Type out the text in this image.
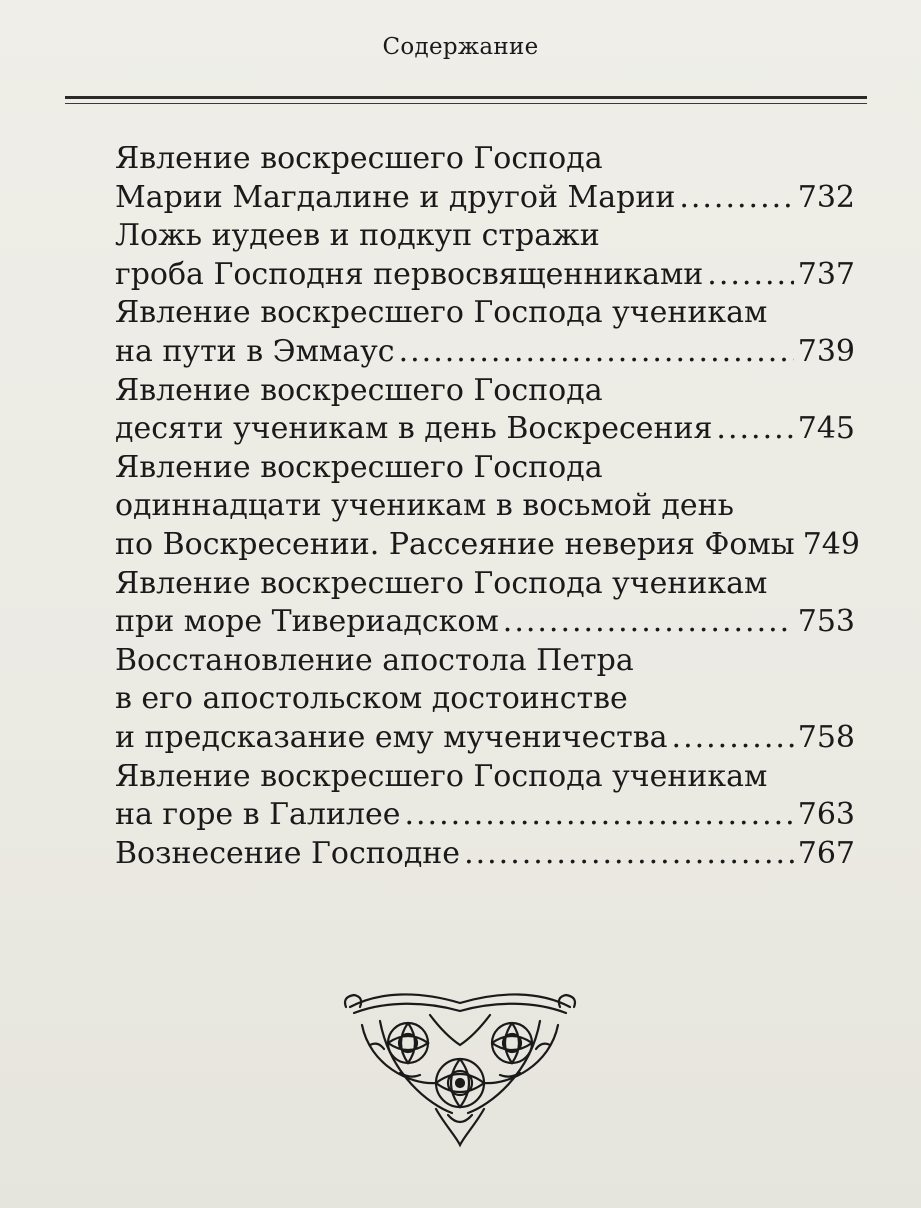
Содержание
Явление воскресшего Господа
Марии Магдалине и другой Марии .....	732
Ложь иудеев и подкуп стражи
гроба Господня первосвященниками .....	737
Явление воскресшего Господа ученикам
на пути в Эммаус .....	739
Явление воскресшего Господа
десяти ученикам в день Воскресения .....	745
Явление воскресшего Господа
одиннадцати ученикам в восьмой день
по Воскресении. Рассеяние неверия Фомы 749
Явление воскресшего Господа ученикам
при море Тивериадском .....	753
Восстановление апостола Петра
в его апостольском достоинстве
и предсказание ему мученичества .....	758
Явление воскресшего Господа ученикам
на горе в Галилее .....	763
Вознесение Господне .....	767
